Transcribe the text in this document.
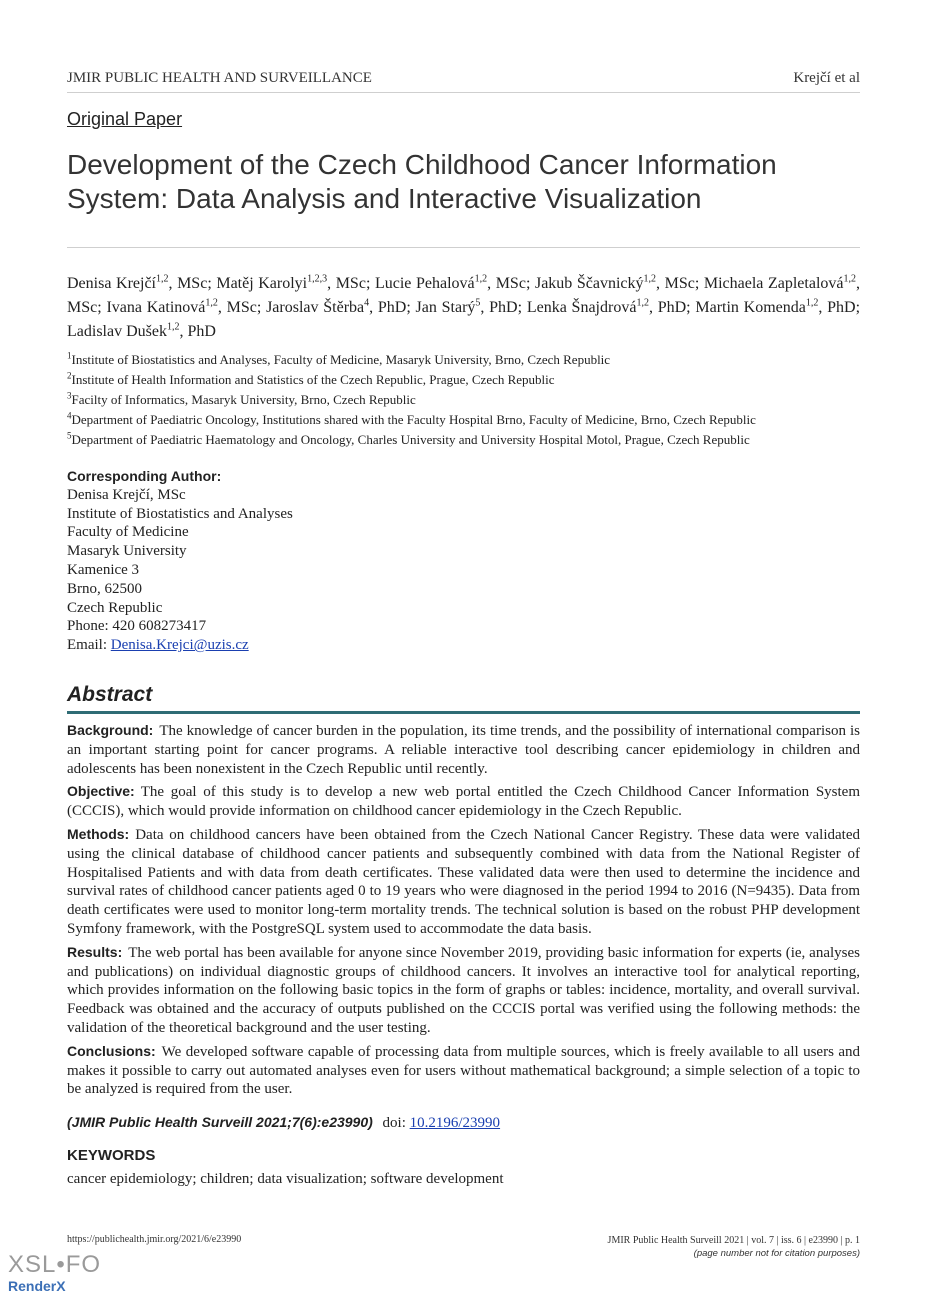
JMIR PUBLIC HEALTH AND SURVEILLANCE	Krejčí et al
Original Paper
Development of the Czech Childhood Cancer Information System: Data Analysis and Interactive Visualization
Denisa Krejčí$^{1,2}$, MSc; Matěj Karolyi$^{1,2,3}$, MSc; Lucie Pehalová$^{1,2}$, MSc; Jakub Ščavnický$^{1,2}$, MSc; Michaela Zapletalová$^{1,2}$, MSc; Ivana Katinová$^{1,2}$, MSc; Jaroslav Štěrba$^4$, PhD; Jan Starý$^5$, PhD; Lenka Šnajdrová$^{1,2}$, PhD; Martin Komenda$^{1,2}$, PhD; Ladislav Dušek$^{1,2}$, PhD
$^1$Institute of Biostatistics and Analyses, Faculty of Medicine, Masaryk University, Brno, Czech Republic
$^2$Institute of Health Information and Statistics of the Czech Republic, Prague, Czech Republic
$^3$Facilty of Informatics, Masaryk University, Brno, Czech Republic
$^4$Department of Paediatric Oncology, Institutions shared with the Faculty Hospital Brno, Faculty of Medicine, Brno, Czech Republic
$^5$Department of Paediatric Haematology and Oncology, Charles University and University Hospital Motol, Prague, Czech Republic
Corresponding Author:
Denisa Krejčí, MSc
Institute of Biostatistics and Analyses
Faculty of Medicine
Masaryk University
Kamenice 3
Brno, 62500
Czech Republic
Phone: 420 608273417
Email: Denisa.Krejci@uzis.cz
Abstract

Background: The knowledge of cancer burden in the population, its time trends, and the possibility of international comparison is an important starting point for cancer programs. A reliable interactive tool describing cancer epidemiology in children and adolescents has been nonexistent in the Czech Republic until recently.

Objective: The goal of this study is to develop a new web portal entitled the Czech Childhood Cancer Information System (CCCIS), which would provide information on childhood cancer epidemiology in the Czech Republic.

Methods: Data on childhood cancers have been obtained from the Czech National Cancer Registry. These data were validated using the clinical database of childhood cancer patients and subsequently combined with data from the National Register of Hospitalised Patients and with data from death certificates. These validated data were then used to determine the incidence and survival rates of childhood cancer patients aged 0 to 19 years who were diagnosed in the period 1994 to 2016 (N=9435). Data from death certificates were used to monitor long-term mortality trends. The technical solution is based on the robust PHP development Symfony framework, with the PostgreSQL system used to accommodate the data basis.

Results: The web portal has been available for anyone since November 2019, providing basic information for experts (ie, analyses and publications) on individual diagnostic groups of childhood cancers. It involves an interactive tool for analytical reporting, which provides information on the following basic topics in the form of graphs or tables: incidence, mortality, and overall survival. Feedback was obtained and the accuracy of outputs published on the CCCIS portal was verified using the following methods: the validation of the theoretical background and the user testing.

Conclusions: We developed software capable of processing data from multiple sources, which is freely available to all users and makes it possible to carry out automated analyses even for users without mathematical background; a simple selection of a topic to be analyzed is required from the user.

(JMIR Public Health Surveill 2021;7(6):e23990) doi: 10.2196/23990
KEYWORDS
cancer epidemiology; children; data visualization; software development
https://publichealth.jmir.org/2021/6/e23990	JMIR Public Health Surveill 2021 | vol. 7 | iss. 6 | e23990 | p. 1
(page number not for citation purposes)
XSL•FO
RenderX
